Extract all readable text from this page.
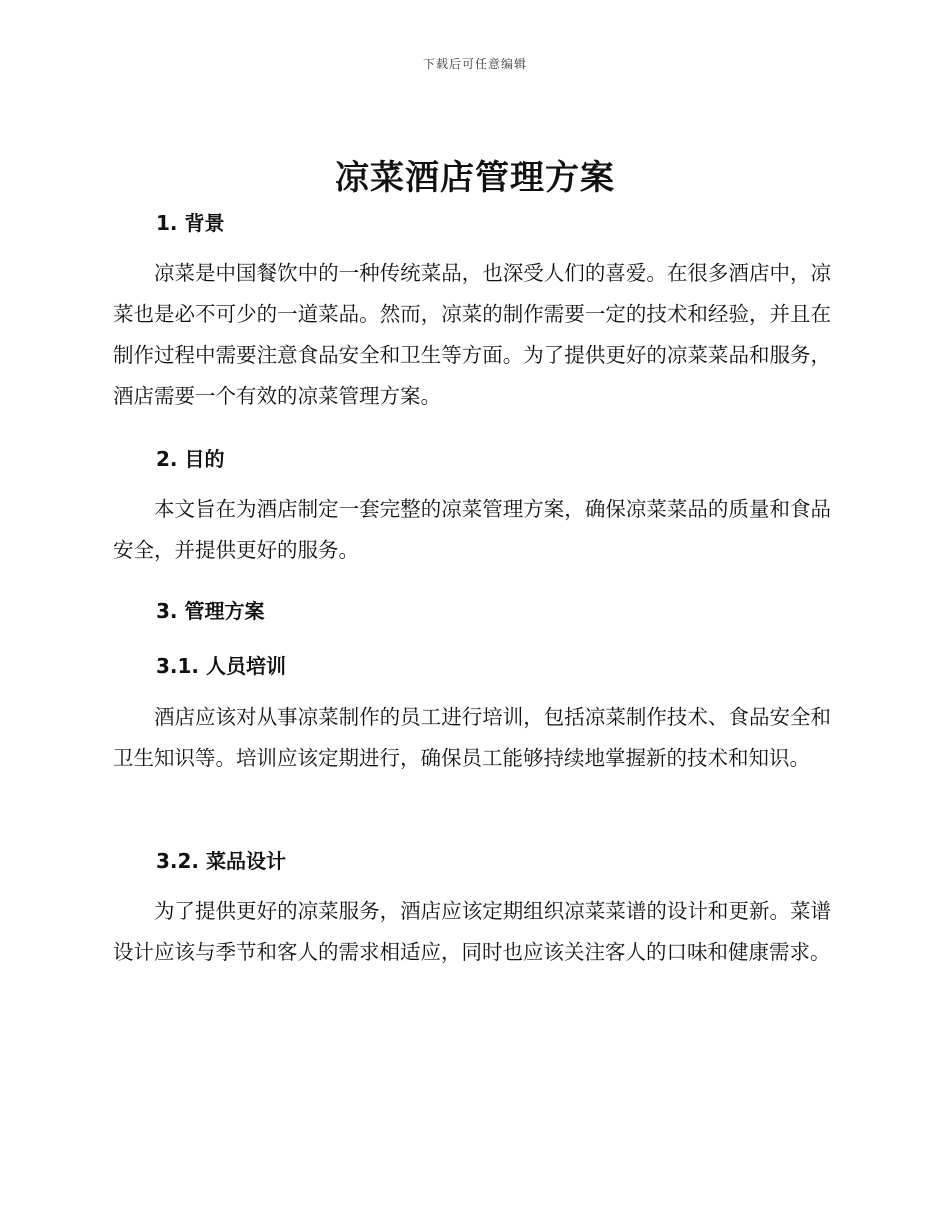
下载后可任意编辑
凉菜酒店管理方案
1. 背景
凉菜是中国餐饮中的一种传统菜品，也深受人们的喜爱。在很多酒店中，凉菜也是必不可少的一道菜品。然而，凉菜的制作需要一定的技术和经验，并且在制作过程中需要注意食品安全和卫生等方面。为了提供更好的凉菜菜品和服务，酒店需要一个有效的凉菜管理方案。
2. 目的
本文旨在为酒店制定一套完整的凉菜管理方案，确保凉菜菜品的质量和食品安全，并提供更好的服务。
3. 管理方案
3.1. 人员培训
酒店应该对从事凉菜制作的员工进行培训，包括凉菜制作技术、食品安全和卫生知识等。培训应该定期进行，确保员工能够持续地掌握新的技术和知识。
3.2. 菜品设计
为了提供更好的凉菜服务，酒店应该定期组织凉菜菜谱的设计和更新。菜谱设计应该与季节和客人的需求相适应，同时也应该关注客人的口味和健康需求。
